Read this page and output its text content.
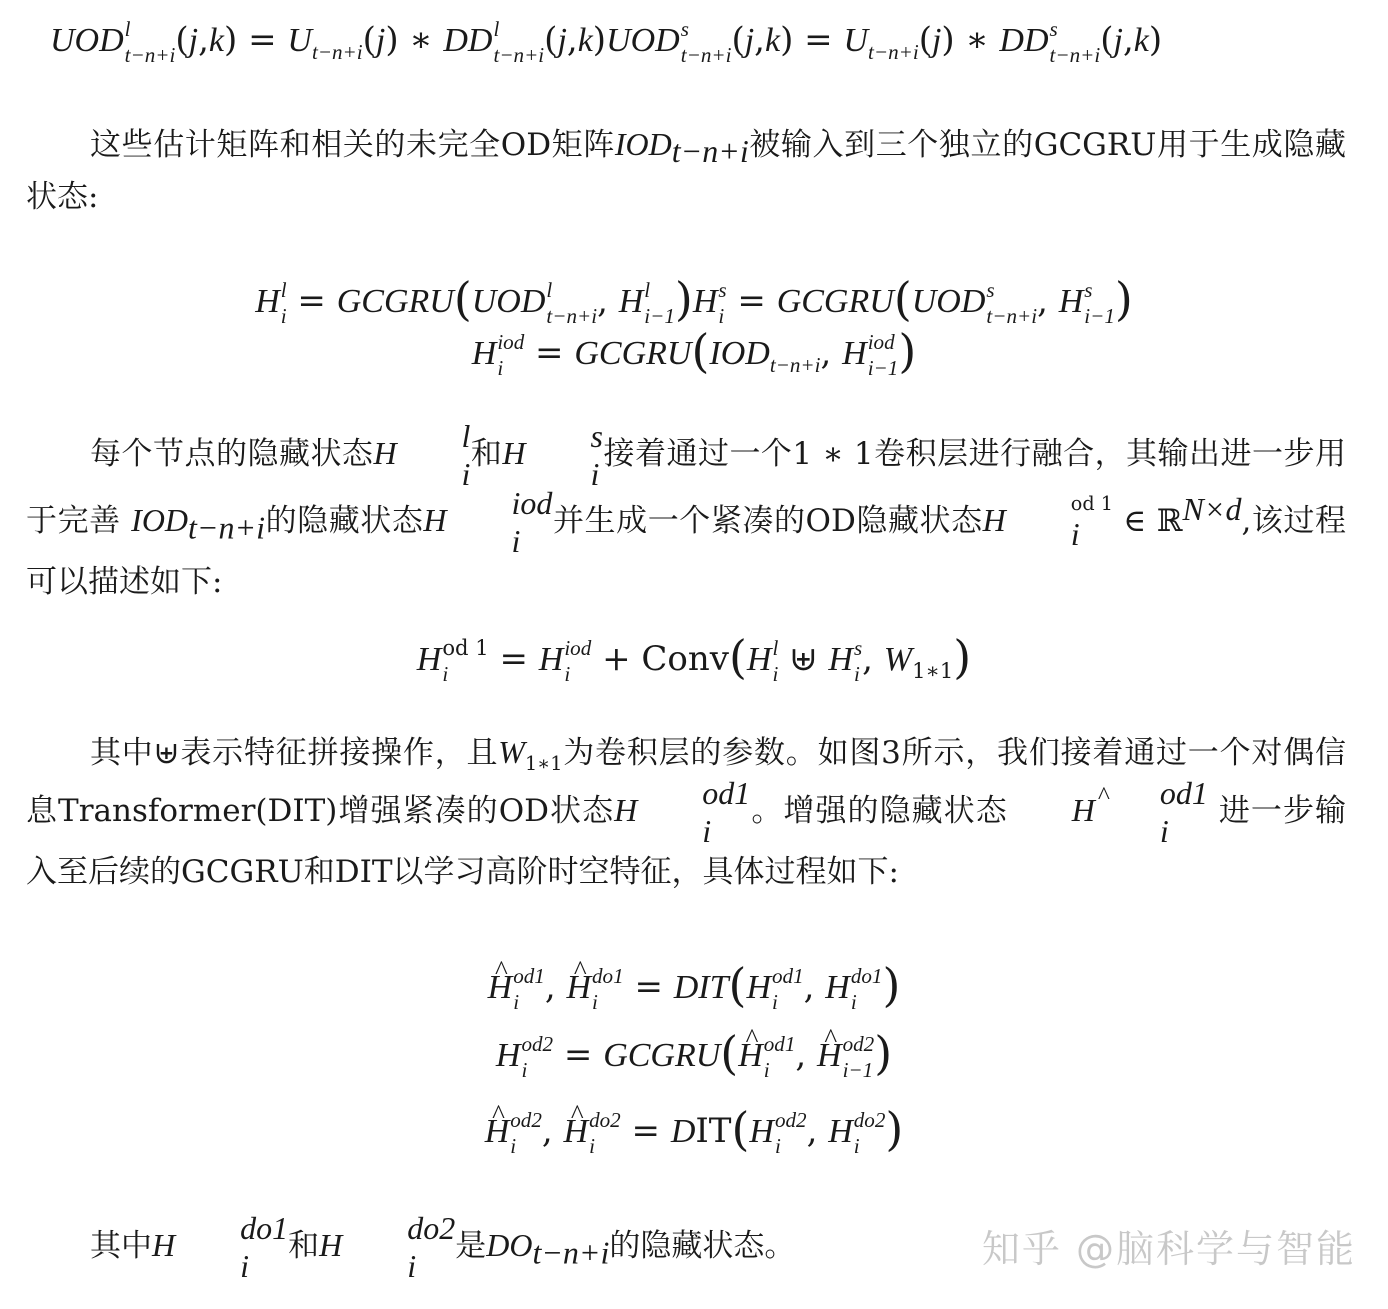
UOD l
t−n+i $(j,k) = U_{t-n+i}(j)$ ∗ DD l
t−n+i (j,k)UOD s
t−n+i $(j,k) = U_{t-n+i}(j)$ ∗ DD s
t−n+i (j,k)
这些估计矩阵和相关的未完全OD矩阵$IOD_{t-n+i}$被输入到三个独立的GCGRU用于生成隐藏状态:
H l
i = GCGRU(UOD l
t−n+i , H l
i−1 )H s
i = GCGRU(UOD s
t−n+i , H s
i−1 )
H iod
$i = GCGRU(IOD_{t-n+i}$, H iod
i−1 )
每个节点的隐藏状态H	l
i
和H	s
i
接着通过一个1 ∗ 1卷积层进行融合，其输出进一步用于完善 $IOD_{t-n+i}$的隐藏状态H	iod
i
并生成一个紧凑的OD隐藏状态H	od 1
i	∈ ℝ$^{N\times d}$,该过程可以描述如下:
H od 1
i	= H iod
i + Conv(H l
i ⊎ H s
i , $W_{1∗1}$)
其中⊎表示特征拼接操作，且$W_{1∗1}$为卷积层的参数。如图3所示，我们接着通过一个对偶信息Transformer(DIT)增强紧凑的OD状态H	od1
i
。增强的隐藏状态^ H	od1
i
进一步输入至后续的GCGRU和DIT以学习高阶时空特征，具体过程如下:
^ H od1
i , ^ H do1
i = DIT(H od1
i , H do1
i )
H od2
i = GCGRU(^ H od1
i , ^ H od2
i−1 )
^ H od2
i , ^ H do2
i = DIT(H od2
i , H do2
i )
其中H	do1
i
和H	do2
i
是$DO_{t-n+i}$的隐藏状态。	知乎 @脑科学与智能
